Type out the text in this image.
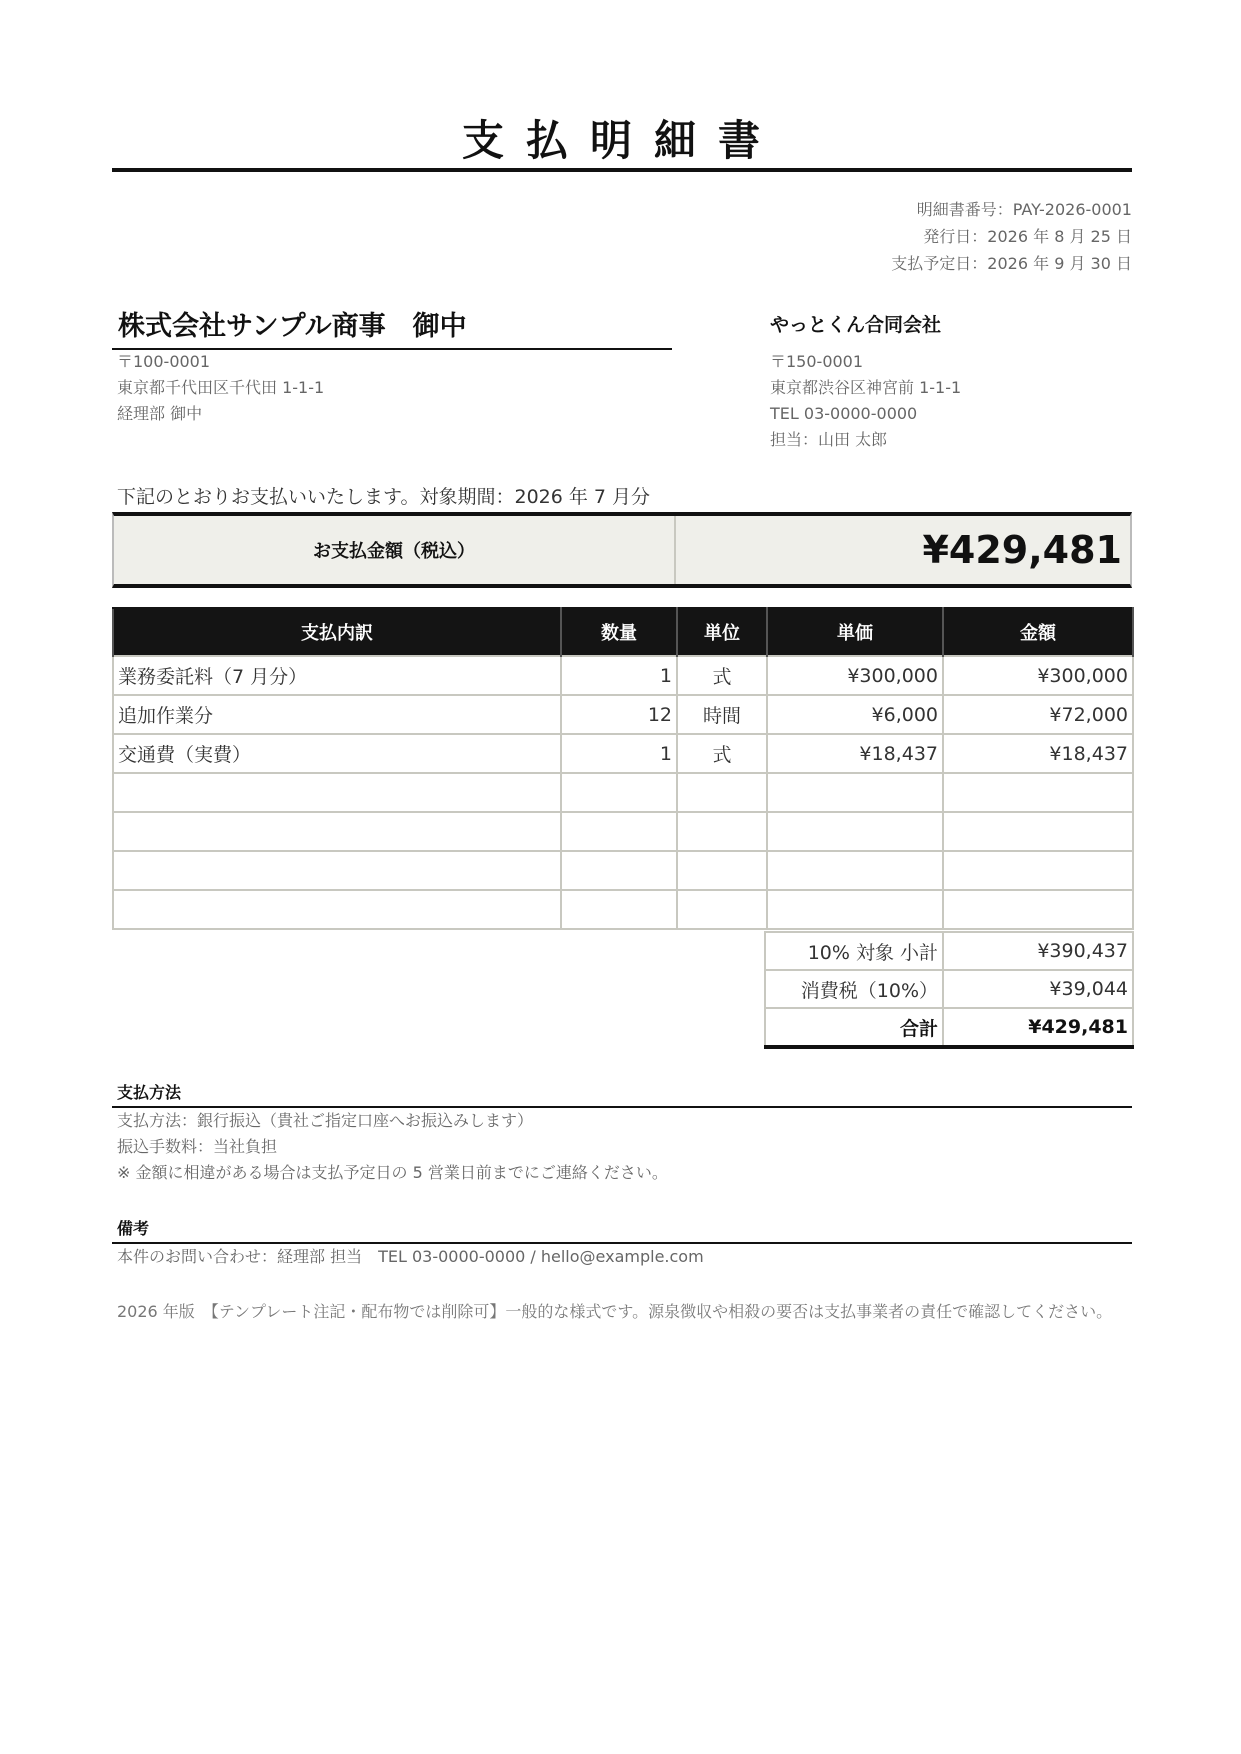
支払明細書
明細書番号：PAY-2026-0001
発行日：2026 年 8 月 25 日
支払予定日：2026 年 9 月 30 日
株式会社サンプル商事　御中
〒100-0001
東京都千代田区千代田 1-1-1
経理部 御中
やっとくん合同会社
〒150-0001
東京都渋谷区神宮前 1-1-1
TEL 03-0000-0000
担当：山田 太郎
下記のとおりお支払いいたします。対象期間：2026 年 7 月分
お支払金額（税込）	¥429,481
支払内訳	数量	単位	単価	金額
業務委託料（7 月分）	1	式	¥300,000	¥300,000
追加作業分	12	時間	¥6,000	¥72,000
交通費（実費）	1	式	¥18,437	¥18,437

10% 対象 小計	¥390,437
消費税（10%）	¥39,044
合計	¥429,481
支払方法
支払方法：銀行振込（貴社ご指定口座へお振込みします）
振込手数料：当社負担
※ 金額に相違がある場合は支払予定日の 5 営業日前までにご連絡ください。
備考
本件のお問い合わせ：経理部 担当　TEL 03-0000-0000 / hello@example.com
2026 年版　【テンプレート注記・配布物では削除可】一般的な様式です。源泉徴収や相殺の要否は支払事業者の責任で確認してください。
